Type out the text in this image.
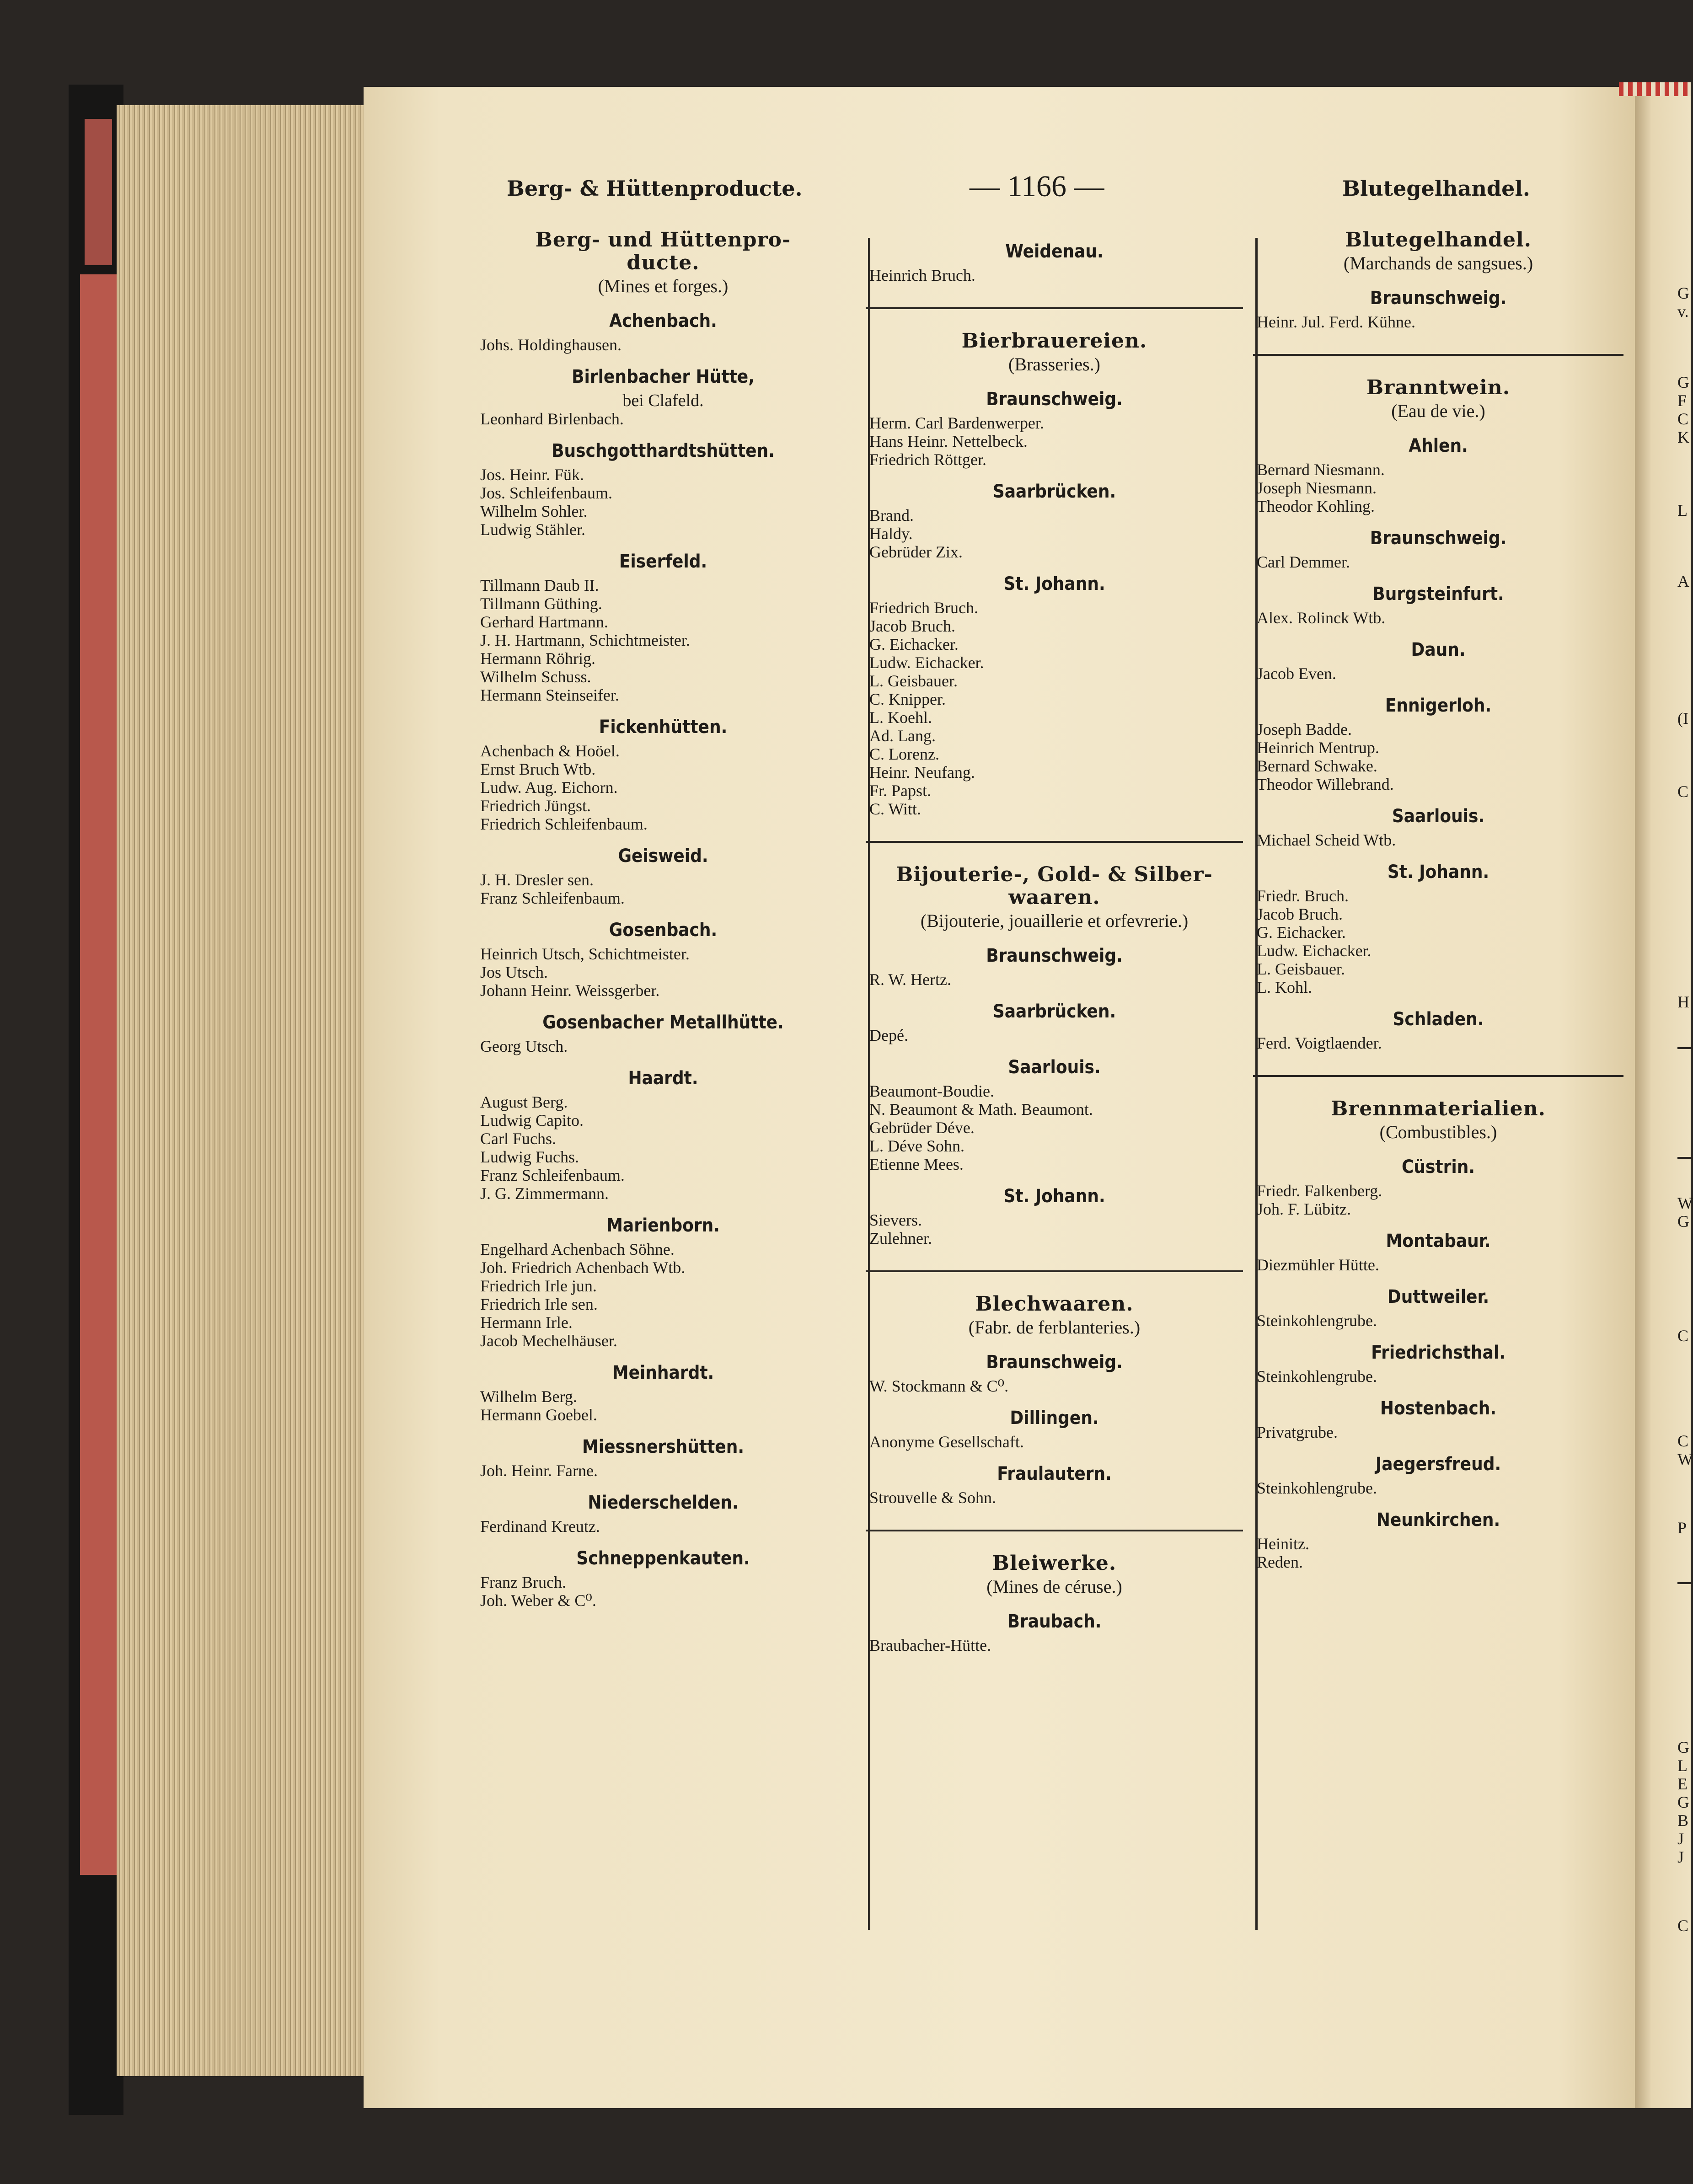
Berg- & Hüttenproducte.	— 1166 —	Blutegelhandel.
Berg- und Hüttenpro-
ducte.
(Mines et forges.)
Achenbach.
Johs. Holdinghausen.
Birlenbacher Hütte,
bei Clafeld.
Leonhard Birlenbach.
Buschgotthardtshütten.
Jos. Heinr. Fük.
Jos. Schleifenbaum.
Wilhelm Sohler.
Ludwig Stähler.
Eiserfeld.
Tillmann Daub II.
Tillmann Güthing.
Gerhard Hartmann.
J. H. Hartmann, Schichtmeister.
Hermann Röhrig.
Wilhelm Schuss.
Hermann Steinseifer.
Fickenhütten.
Achenbach & Hoöel.
Ernst Bruch Wtb.
Ludw. Aug. Eichorn.
Friedrich Jüngst.
Friedrich Schleifenbaum.
Geisweid.
J. H. Dresler sen.
Franz Schleifenbaum.
Gosenbach.
Heinrich Utsch, Schichtmeister.
Jos Utsch.
Johann Heinr. Weissgerber.
Gosenbacher Metallhütte.
Georg Utsch.
Haardt.
August Berg.
Ludwig Capito.
Carl Fuchs.
Ludwig Fuchs.
Franz Schleifenbaum.
J. G. Zimmermann.
Marienborn.
Engelhard Achenbach Söhne.
Joh. Friedrich Achenbach Wtb.
Friedrich Irle jun.
Friedrich Irle sen.
Hermann Irle.
Jacob Mechelhäuser.
Meinhardt.
Wilhelm Berg.
Hermann Goebel.
Miessnershütten.
Joh. Heinr. Farne.
Niederschelden.
Ferdinand Kreutz.
Schneppenkauten.
Franz Bruch.
Joh. Weber & C⁰.
Weidenau.
Heinrich Bruch.
Bierbrauereien.
(Brasseries.)
Braunschweig.
Herm. Carl Bardenwerper.
Hans Heinr. Nettelbeck.
Friedrich Röttger.
Saarbrücken.
Brand.
Haldy.
Gebrüder Zix.
St. Johann.
Friedrich Bruch.
Jacob Bruch.
G. Eichacker.
Ludw. Eichacker.
L. Geisbauer.
C. Knipper.
L. Koehl.
Ad. Lang.
C. Lorenz.
Heinr. Neufang.
Fr. Papst.
C. Witt.
Bijouterie-, Gold- & Silber-
waaren.
(Bijouterie, jouaillerie et orfevrerie.)
Braunschweig.
R. W. Hertz.
Saarbrücken.
Depé.
Saarlouis.
Beaumont-Boudie.
N. Beaumont & Math. Beaumont.
Gebrüder Déve.
L. Déve Sohn.
Etienne Mees.
St. Johann.
Sievers.
Zulehner.
Blechwaaren.
(Fabr. de ferblanteries.)
Braunschweig.
W. Stockmann & C⁰.
Dillingen.
Anonyme Gesellschaft.
Fraulautern.
Strouvelle & Sohn.
Bleiwerke.
(Mines de céruse.)
Braubach.
Braubacher-Hütte.
Blutegelhandel.
(Marchands de sangsues.)
Braunschweig.
Heinr. Jul. Ferd. Kühne.
Branntwein.
(Eau de vie.)
Ahlen.
Bernard Niesmann.
Joseph Niesmann.
Theodor Kohling.
Braunschweig.
Carl Demmer.
Burgsteinfurt.
Alex. Rolinck Wtb.
Daun.
Jacob Even.
Ennigerloh.
Joseph Badde.
Heinrich Mentrup.
Bernard Schwake.
Theodor Willebrand.
Saarlouis.
Michael Scheid Wtb.
St. Johann.
Friedr. Bruch.
Jacob Bruch.
G. Eichacker.
Ludw. Eichacker.
L. Geisbauer.
L. Kohl.
Schladen.
Ferd. Voigtlaender.
Brennmaterialien.
(Combustibles.)
Cüstrin.
Friedr. Falkenberg.
Joh. F. Lübitz.
Montabaur.
Diezmühler Hütte.
Duttweiler.
Steinkohlengrube.
Friedrichsthal.
Steinkohlengrube.
Hostenbach.
Privatgrube.
Jaegersfreud.
Steinkohlengrube.
Neunkirchen.
Heinitz.
Reden.
G
v.
G
F
C
K
L
A
(I
C
H
W
G
C
C
W
P
G
L
E
G
B
J
J
C
